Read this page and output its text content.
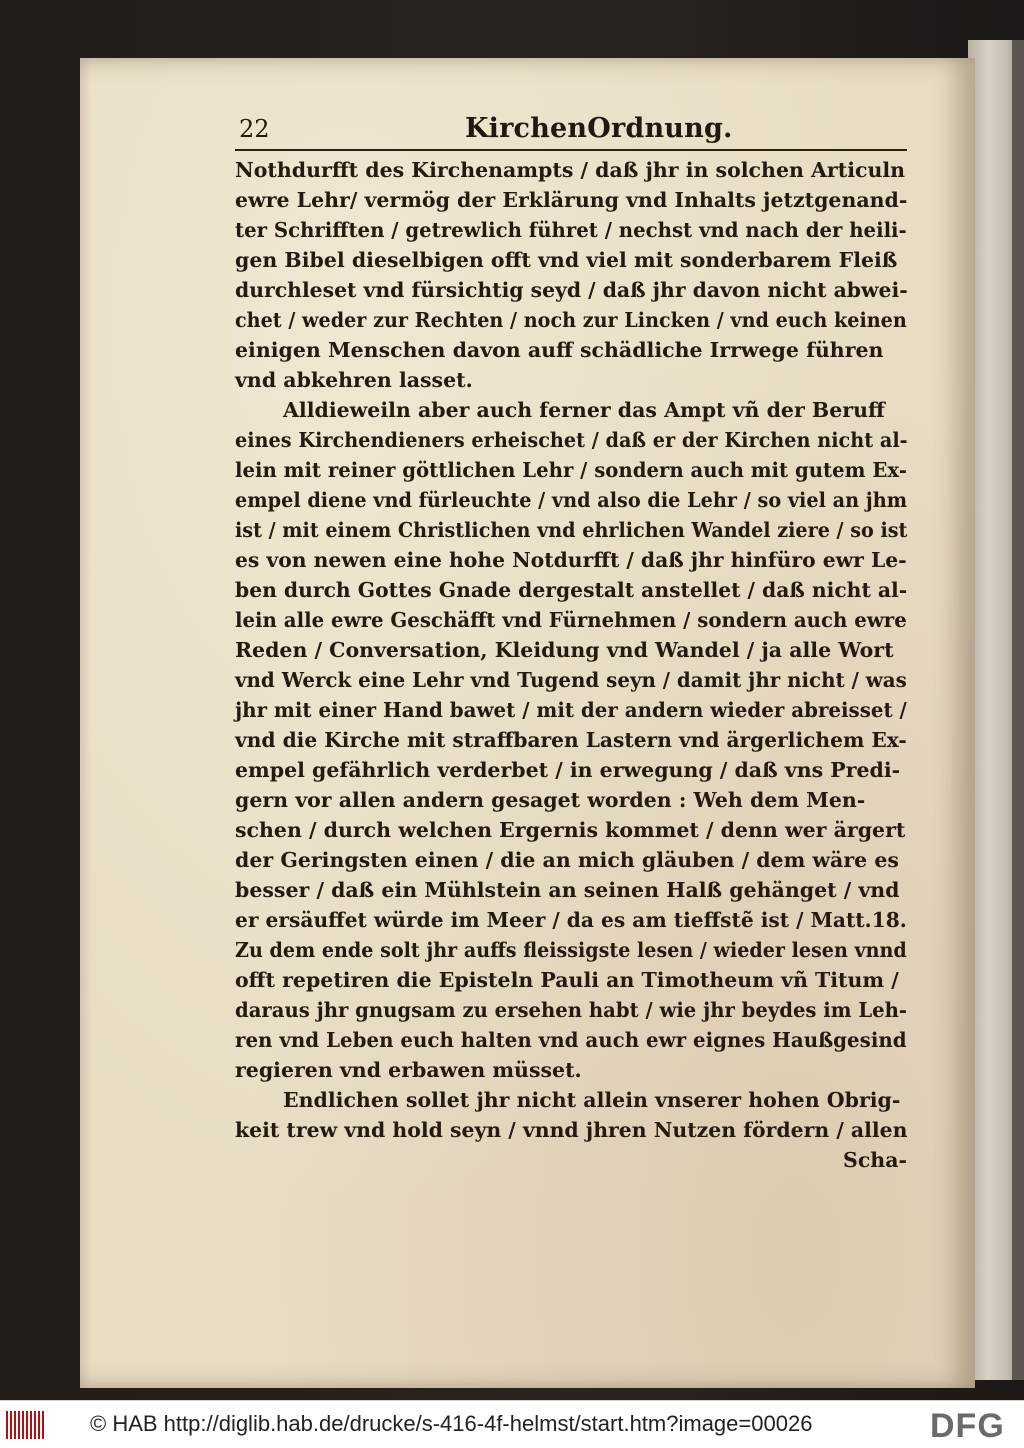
22	KirchenOrdnung.
Nothdurfft des Kirchenampts / daß jhr in solchen Articuln
ewre Lehr/ vermög der Erklärung vnd Inhalts jetztgenand-
ter Schrifften / getrewlich führet / nechst vnd nach der heili-
gen Bibel dieselbigen offt vnd viel mit sonderbarem Fleiß
durchleset vnd fürsichtig seyd / daß jhr davon nicht abwei-
chet / weder zur Rechten / noch zur Lincken / vnd euch keinen
einigen Menschen davon auff schädliche Irrwege führen
vnd abkehren lasset.
Alldieweiln aber auch ferner das Ampt vñ der Beruff
eines Kirchendieners erheischet / daß er der Kirchen nicht al-
lein mit reiner göttlichen Lehr / sondern auch mit gutem Ex-
empel diene vnd fürleuchte / vnd also die Lehr / so viel an jhm
ist / mit einem Christlichen vnd ehrlichen Wandel ziere / so ist
es von newen eine hohe Notdurfft / daß jhr hinfüro ewr Le-
ben durch Gottes Gnade dergestalt anstellet / daß nicht al-
lein alle ewre Geschäfft vnd Fürnehmen / sondern auch ewre
Reden / Conversation, Kleidung vnd Wandel / ja alle Wort
vnd Werck eine Lehr vnd Tugend seyn / damit jhr nicht / was
jhr mit einer Hand bawet / mit der andern wieder abreisset /
vnd die Kirche mit straffbaren Lastern vnd ärgerlichem Ex-
empel gefährlich verderbet / in erwegung / daß vns Predi-
gern vor allen andern gesaget worden : Weh dem Men-
schen / durch welchen Ergernis kommet / denn wer ärgert
der Geringsten einen / die an mich gläuben / dem wäre es
besser / daß ein Mühlstein an seinen Halß gehänget / vnd
er ersäuffet würde im Meer / da es am tieffstẽ ist / Matt.18.
Zu dem ende solt jhr auffs fleissigste lesen / wieder lesen vnnd
offt repetiren die Episteln Pauli an Timotheum vñ Titum /
daraus jhr gnugsam zu ersehen habt / wie jhr beydes im Leh-
ren vnd Leben euch halten vnd auch ewr eignes Haußgesind
regieren vnd erbawen müsset.
Endlichen sollet jhr nicht allein vnserer hohen Obrig-
keit trew vnd hold seyn / vnnd jhren Nutzen fördern / allen
Scha-
© HAB http://diglib.hab.de/drucke/s-416-4f-helmst/start.htm?image=00026	DFG
